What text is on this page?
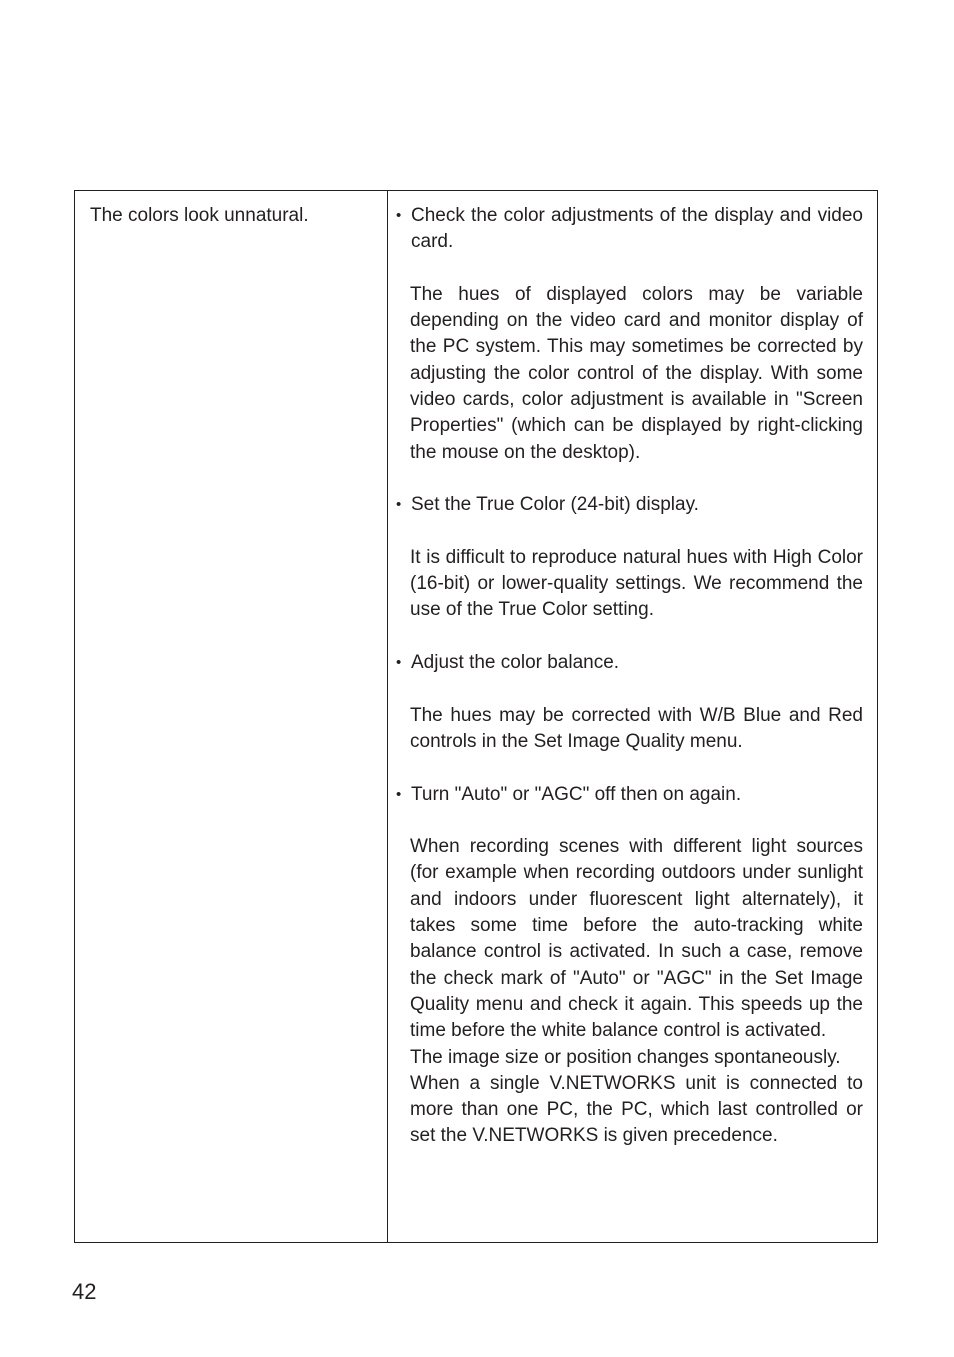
The colors look unnatural.	• Check the color adjustments of the display and video card.

The hues of displayed colors may be variable depending on the video card and monitor display of the PC system. This may sometimes be corrected by adjusting the color control of the display. With some video cards, color adjustment is available in "Screen Properties" (which can be displayed by right-clicking the mouse on the desktop).

• Set the True Color (24-bit) display.

It is difficult to reproduce natural hues with High Color (16-bit) or lower-quality settings. We recommend the use of the True Color setting.

• Adjust the color balance.

The hues may be corrected with W/B Blue and Red controls in the Set Image Quality menu.

• Turn "Auto" or "AGC" off then on again.

When recording scenes with different light sources (for example when recording outdoors under sunlight and indoors under fluorescent light alternately), it takes some time before the auto-tracking white balance control is activated. In such a case, remove the check mark of "Auto" or "AGC" in the Set Image Quality menu and check it again. This speeds up the time before the white balance control is activated.

The image size or position changes spontaneously.

When a single V.NETWORKS unit is connected to more than one PC, the PC, which last controlled or set the V.NETWORKS is given precedence.

42
